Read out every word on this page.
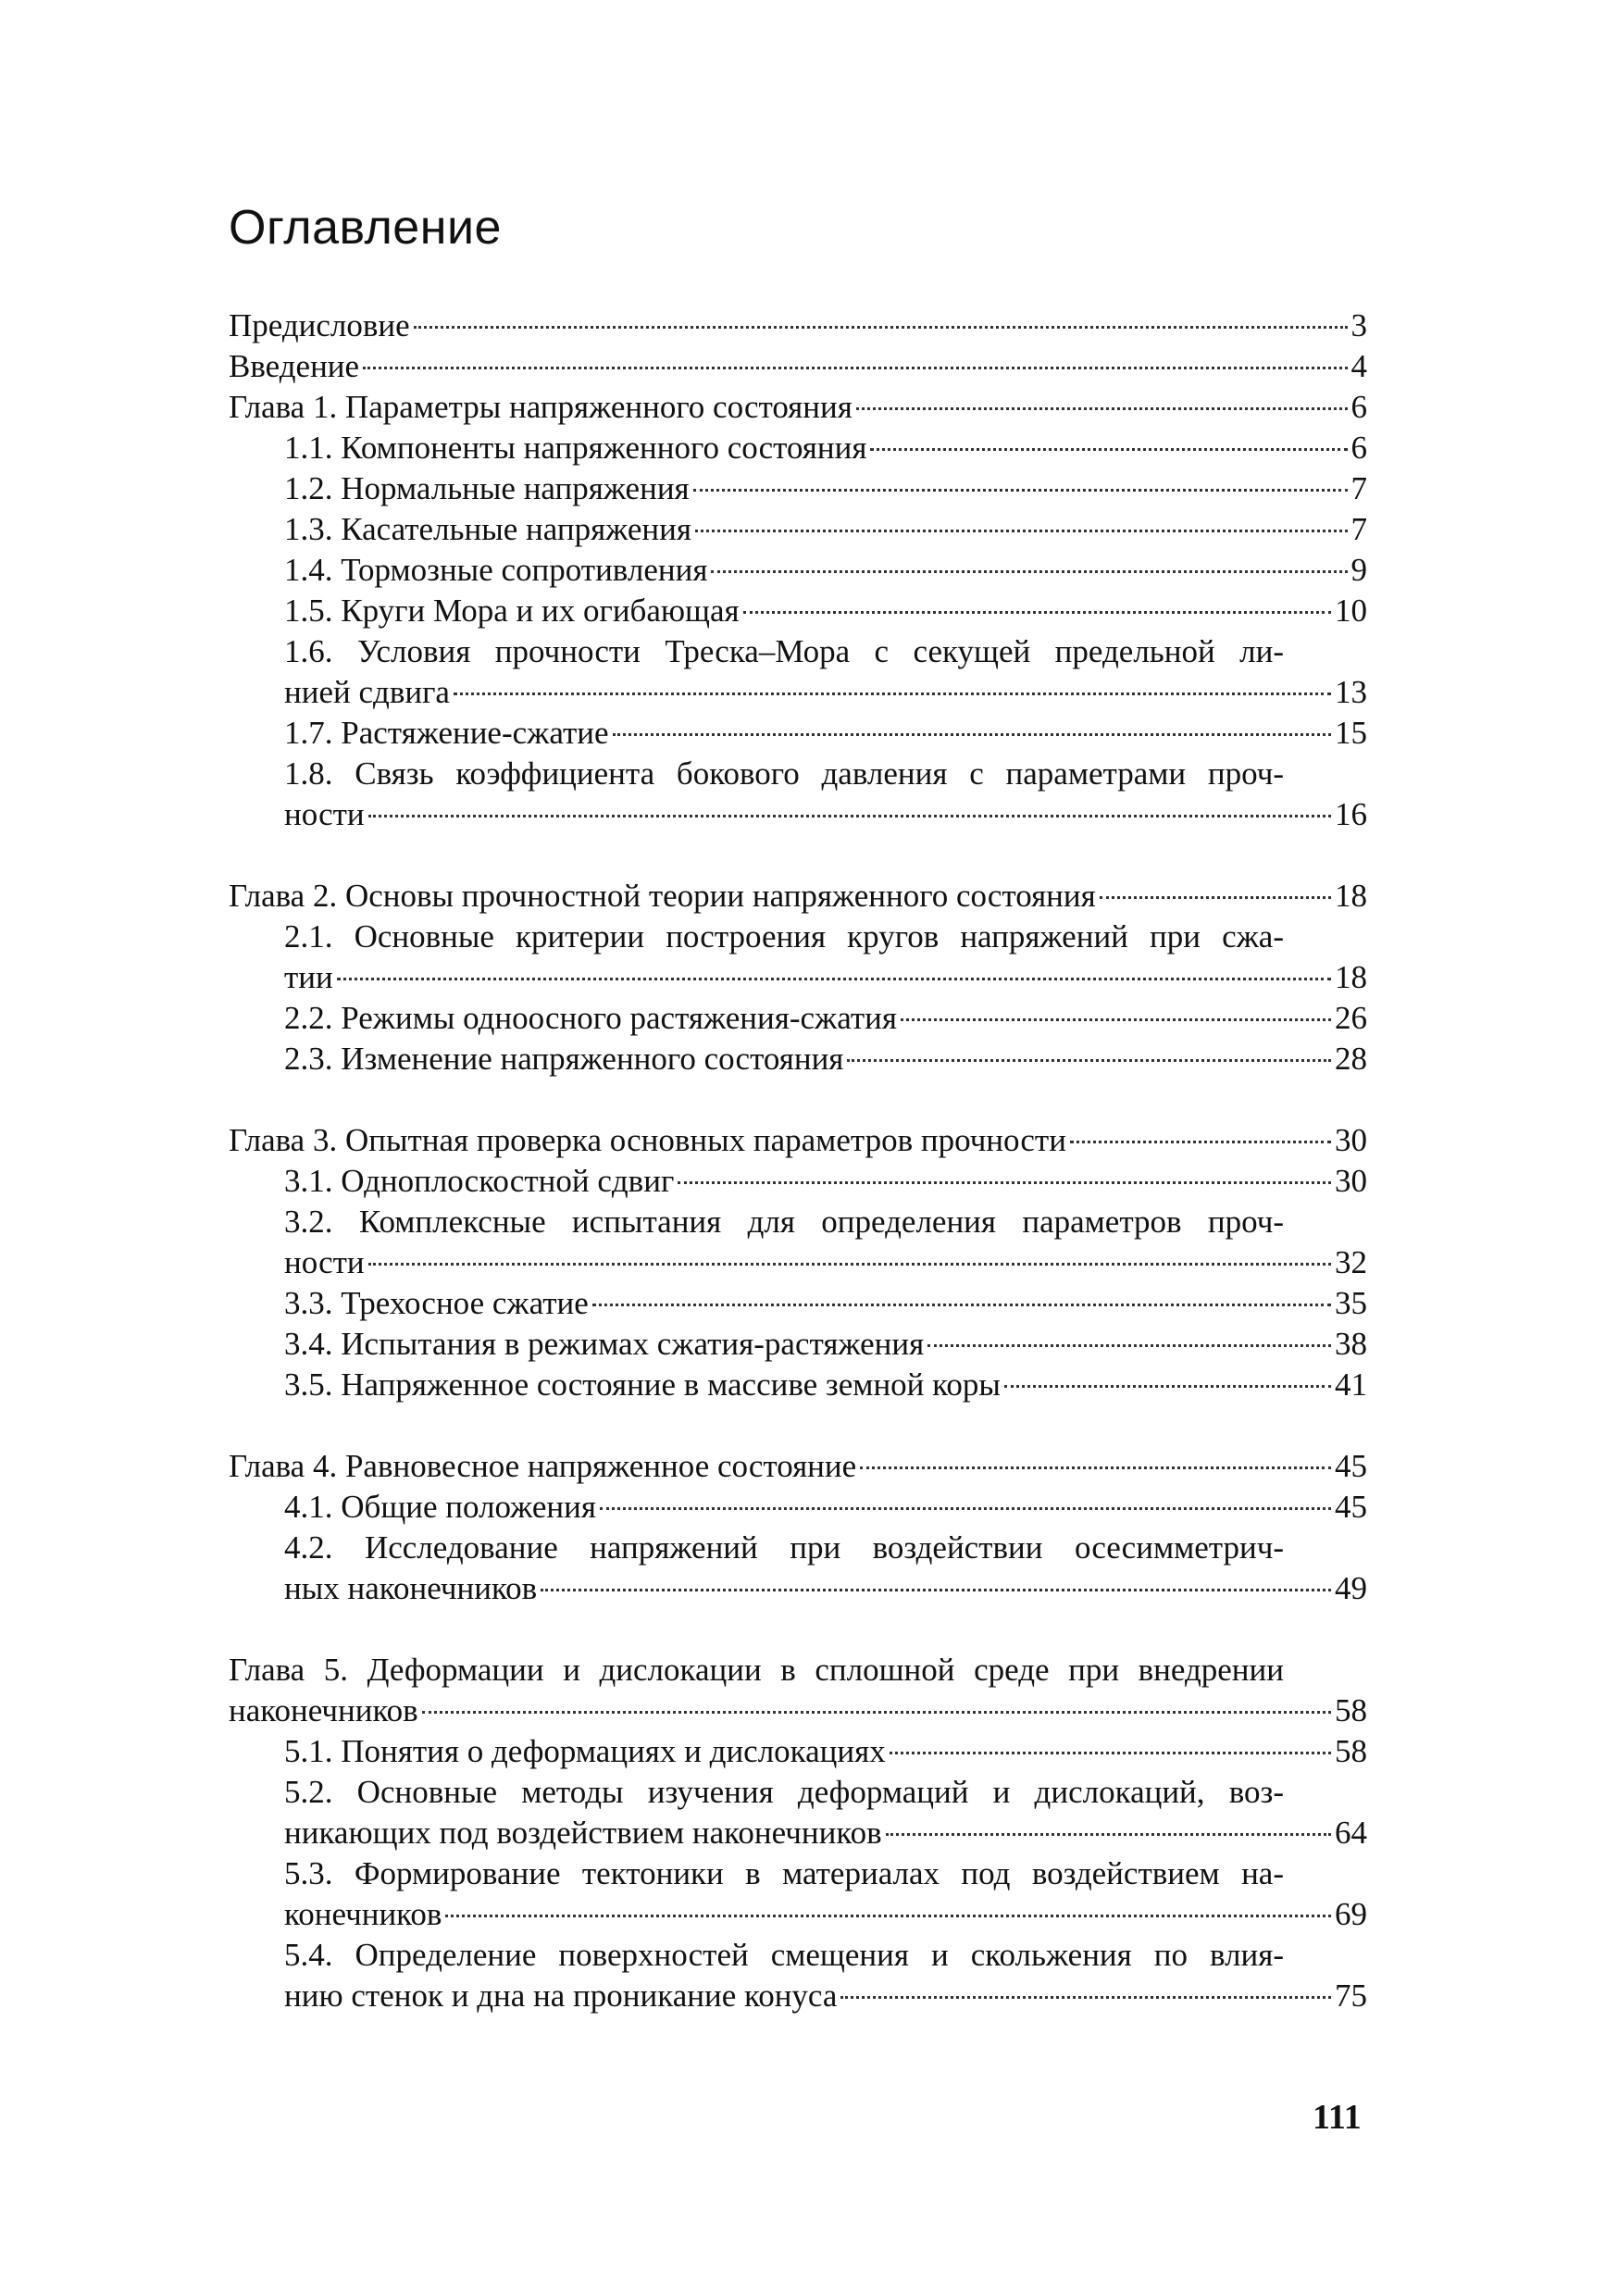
Оглавление
Предисловие	3
Введение	4
Глава 1. Параметры напряженного состояния	6
1.1. Компоненты напряженного состояния	6
1.2. Нормальные напряжения	7
1.3. Касательные напряжения	7
1.4. Тормозные сопротивления	9
1.5. Круги Мора и их огибающая	10
1.6. Условия прочности Треска–Мора с секущей предельной ли-
нией сдвига	13
1.7. Растяжение-сжатие	15
1.8. Связь коэффициента бокового давления с параметрами проч-
ности	16
Глава 2. Основы прочностной теории напряженного состояния	18
2.1. Основные критерии построения кругов напряжений при сжа-
тии	18
2.2. Режимы одноосного растяжения-сжатия	26
2.3. Изменение напряженного состояния	28
Глава 3. Опытная проверка основных параметров прочности	30
3.1. Одноплоскостной сдвиг	30
3.2. Комплексные испытания для определения параметров проч-
ности	32
3.3. Трехосное сжатие	35
3.4. Испытания в режимах сжатия-растяжения	38
3.5. Напряженное состояние в массиве земной коры	41
Глава 4. Равновесное напряженное состояние	45
4.1. Общие положения	45
4.2. Исследование напряжений при воздействии осесимметрич-
ных наконечников	49
Глава 5. Деформации и дислокации в сплошной среде при внедрении
наконечников	58
5.1. Понятия о деформациях и дислокациях	58
5.2. Основные методы изучения деформаций и дислокаций, воз-
никающих под воздействием наконечников	64
5.3. Формирование тектоники в материалах под воздействием на-
конечников	69
5.4. Определение поверхностей смещения и скольжения по влия-
нию стенок и дна на проникание конуса	75
111
